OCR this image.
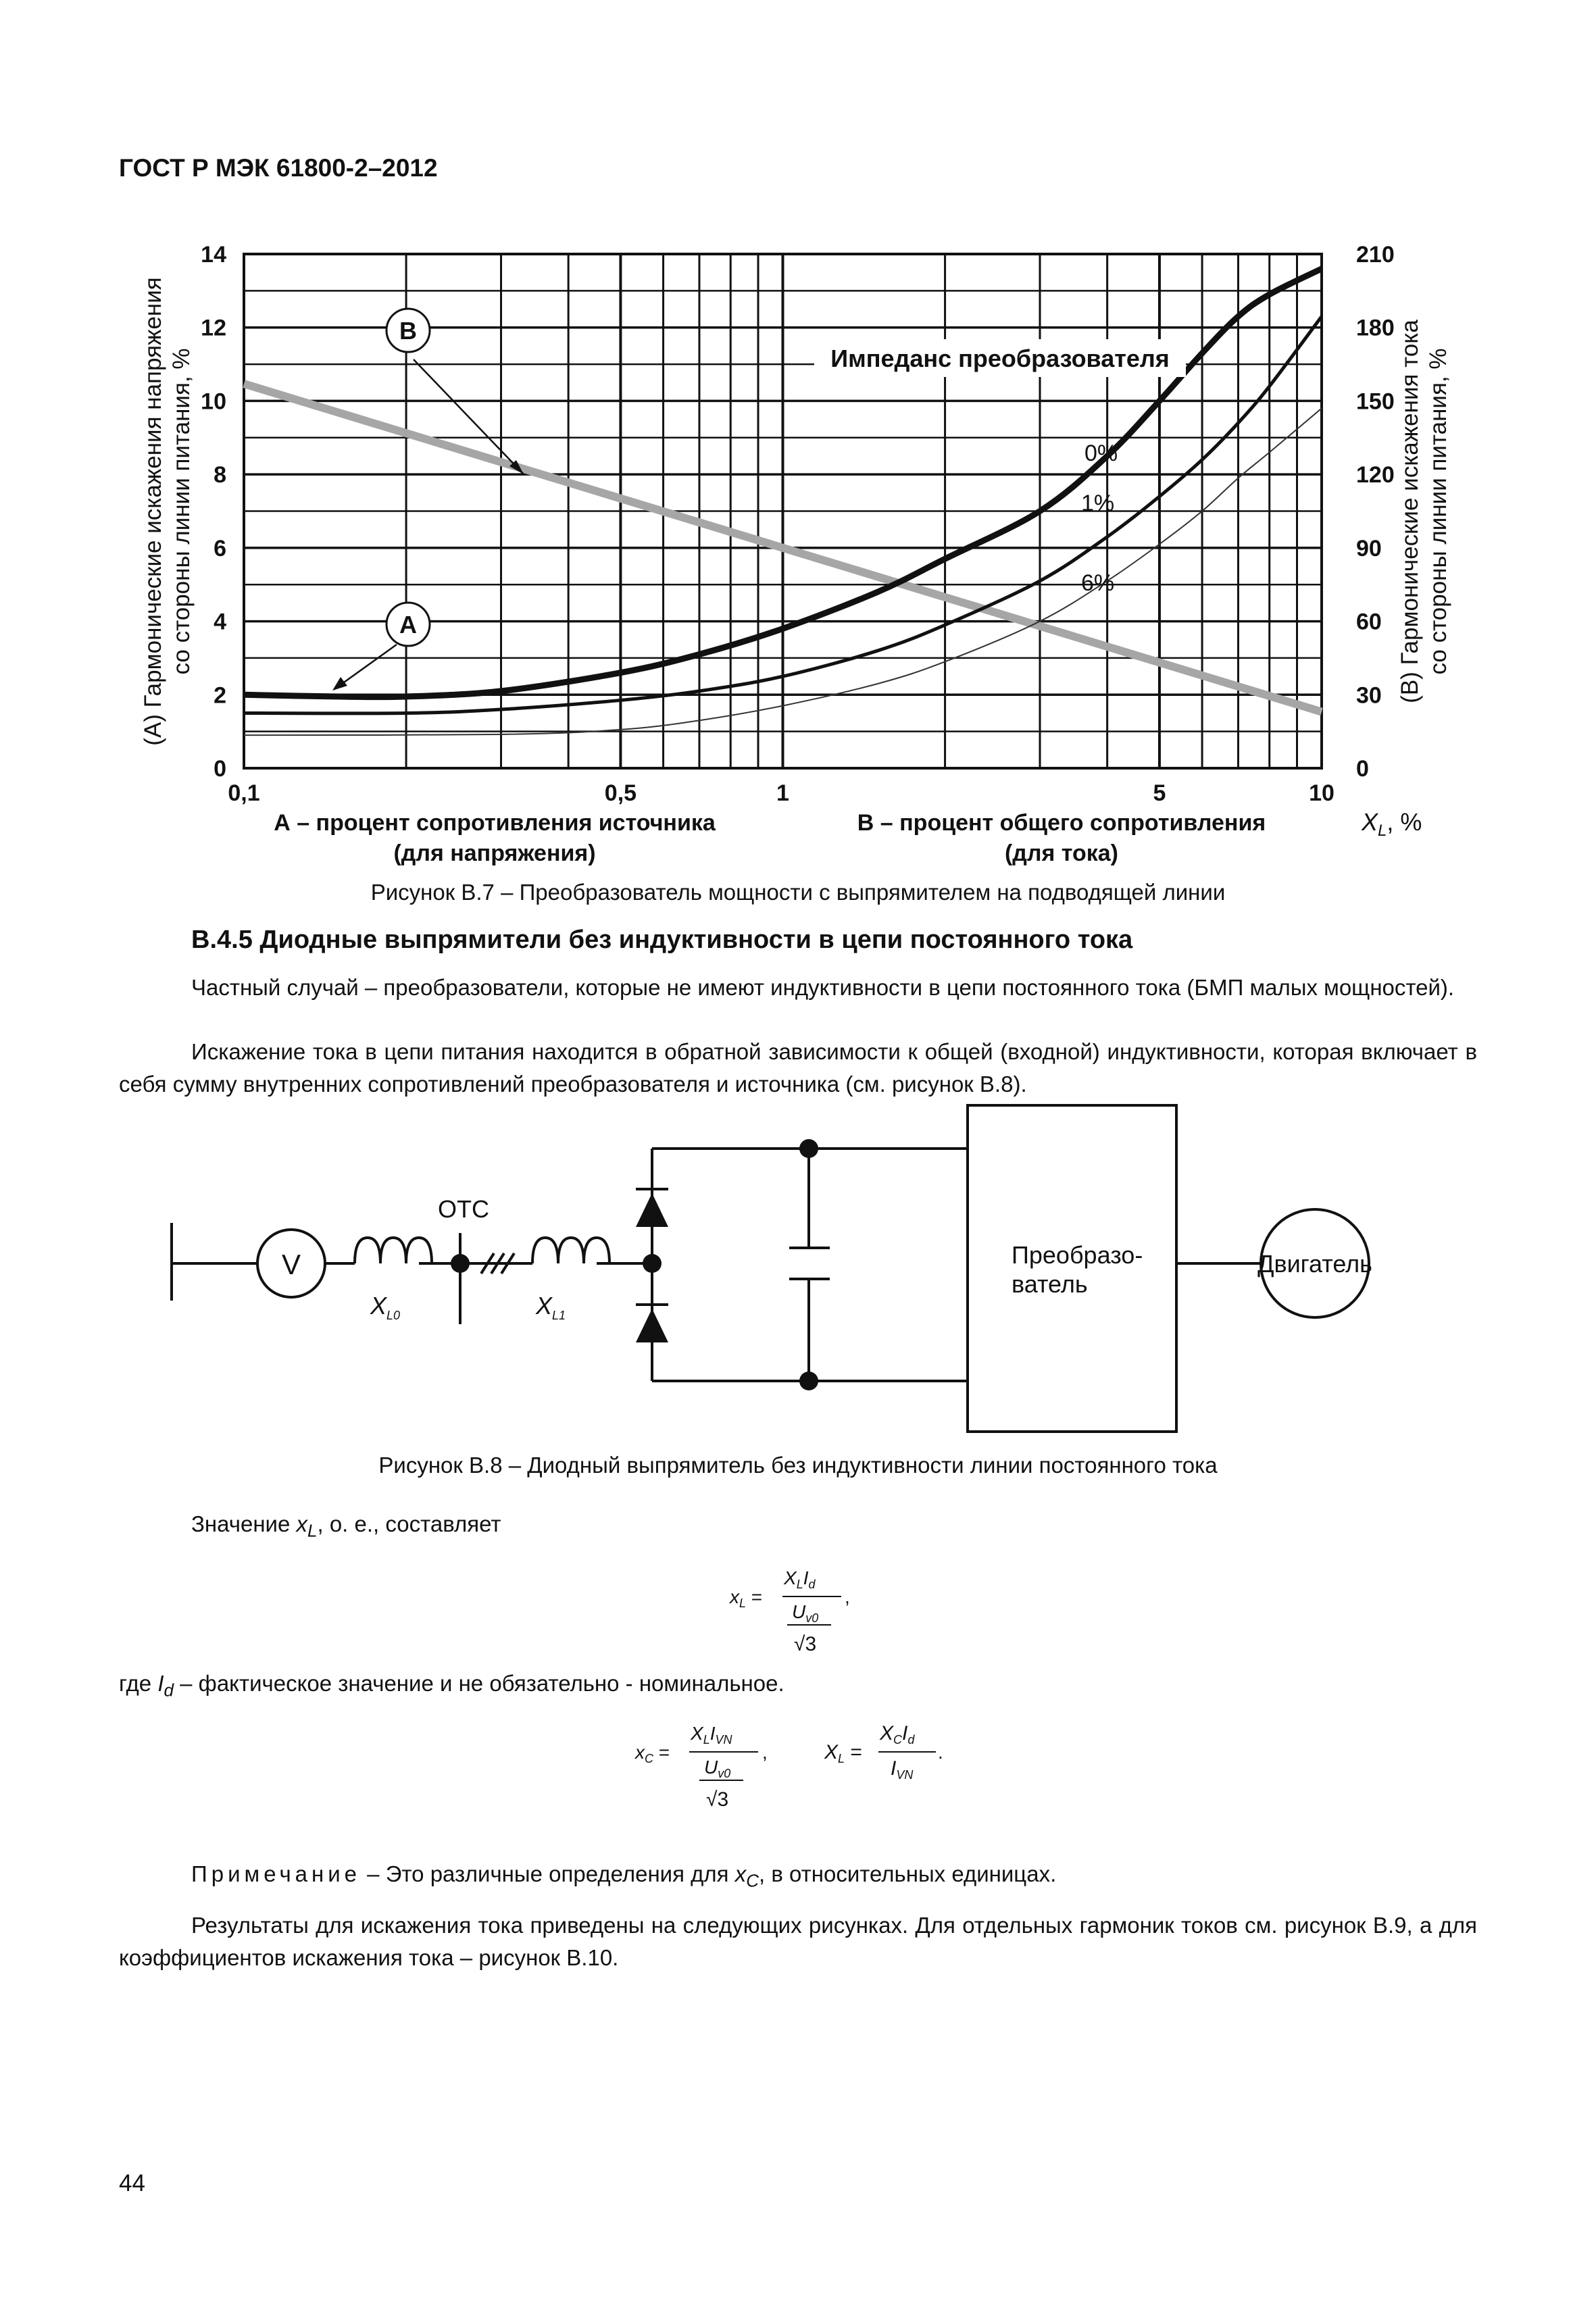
ГОСТ Р МЭК 61800-2–2012
0
2
4
6
8
10
12
14
0
30
60
90
120
150
180
210
0,1	0,5	1	5	10
(А) Гармонические искажения напряжения со стороны линии питания, %	(В) Гармонические искажения тока со стороны линии питания, %
А – процент сопротивления источника
(для напряжения)
В – процент общего сопротивления
(для тока)
$X_L$, %
Импеданс преобразователя
0%
1%
6%
В
А
Рисунок В.7 – Преобразователь мощности с выпрямителем на подводящей линии
В.4.5 Диодные выпрямители без индуктивности в цепи постоянного тока
Частный случай – преобразователи, которые не имеют индуктивности в цепи постоянного тока (БМП малых мощностей).
Искажение тока в цепи питания находится в обратной зависимости к общей (входной) индуктивности, которая включает в себя сумму внутренних сопротивлений преобразователя и источника (см. рисунок В.8).
V
ОТС
$X_{L0}$	$X_{L1}$
Преобразо-
ватель
Двигатель
Рисунок В.8 – Диодный выпрямитель без индуктивности линии постоянного тока
Значение $x_L$, о. е., составляет
$x_L$ =
$X_LI_d$
$U_{v0}$
√3
,
где $I_d$ – фактическое значение и не обязательно - номинальное.
$x_C$ =
$X_LI_{VN}$
$U_{v0}$
√3
,	$X_L$ =
$X_CI_d$
$I_{VN}$
.
Примечание – Это различные определения для $x_C$, в относительных единицах.
Результаты для искажения тока приведены на следующих рисунках. Для отдельных гармоник токов см. рисунок В.9, а для коэффициентов искажения тока – рисунок В.10.
44
